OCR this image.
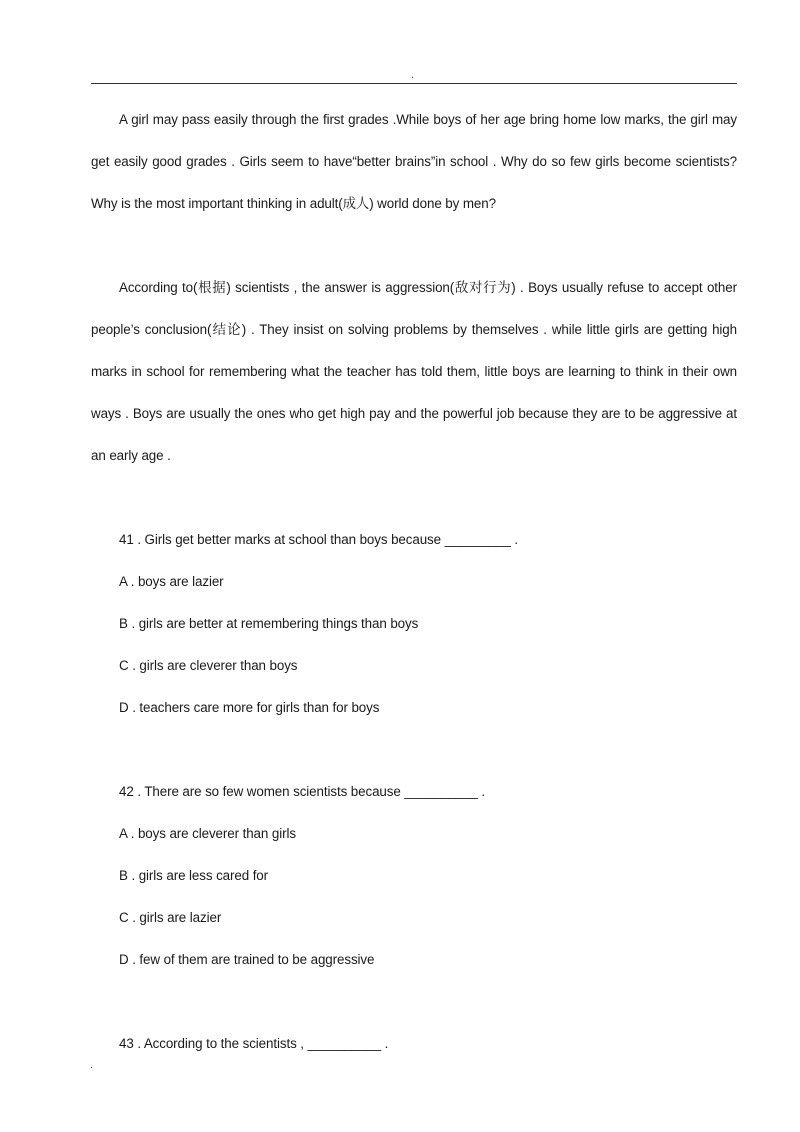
.

A girl may pass easily through the first grades .While boys of her age bring home low marks, the girl may get easily good grades . Girls seem to have“better brains”in school . Why do so few girls become scientists? Why is the most important thinking in adult(成人) world done by men?

According to(根据) scientists , the answer is aggression(敌对行为) . Boys usually refuse to accept other people’s conclusion(结论) . They insist on solving problems by themselves . while little girls are getting high marks in school for remembering what the teacher has told them, little boys are learning to think in their own ways . Boys are usually the ones who get high pay and the powerful job because they are to be aggressive at an early age .

41 . Girls get better marks at school than boys because _________ .

A . boys are lazier

B . girls are better at remembering things than boys

C . girls are cleverer than boys

D . teachers care more for girls than for boys

42 . There are so few women scientists because __________ .

A . boys are cleverer than girls

B . girls are less cared for

C . girls are lazier

D . few of them are trained to be aggressive

43 . According to the scientists , __________ .

.
